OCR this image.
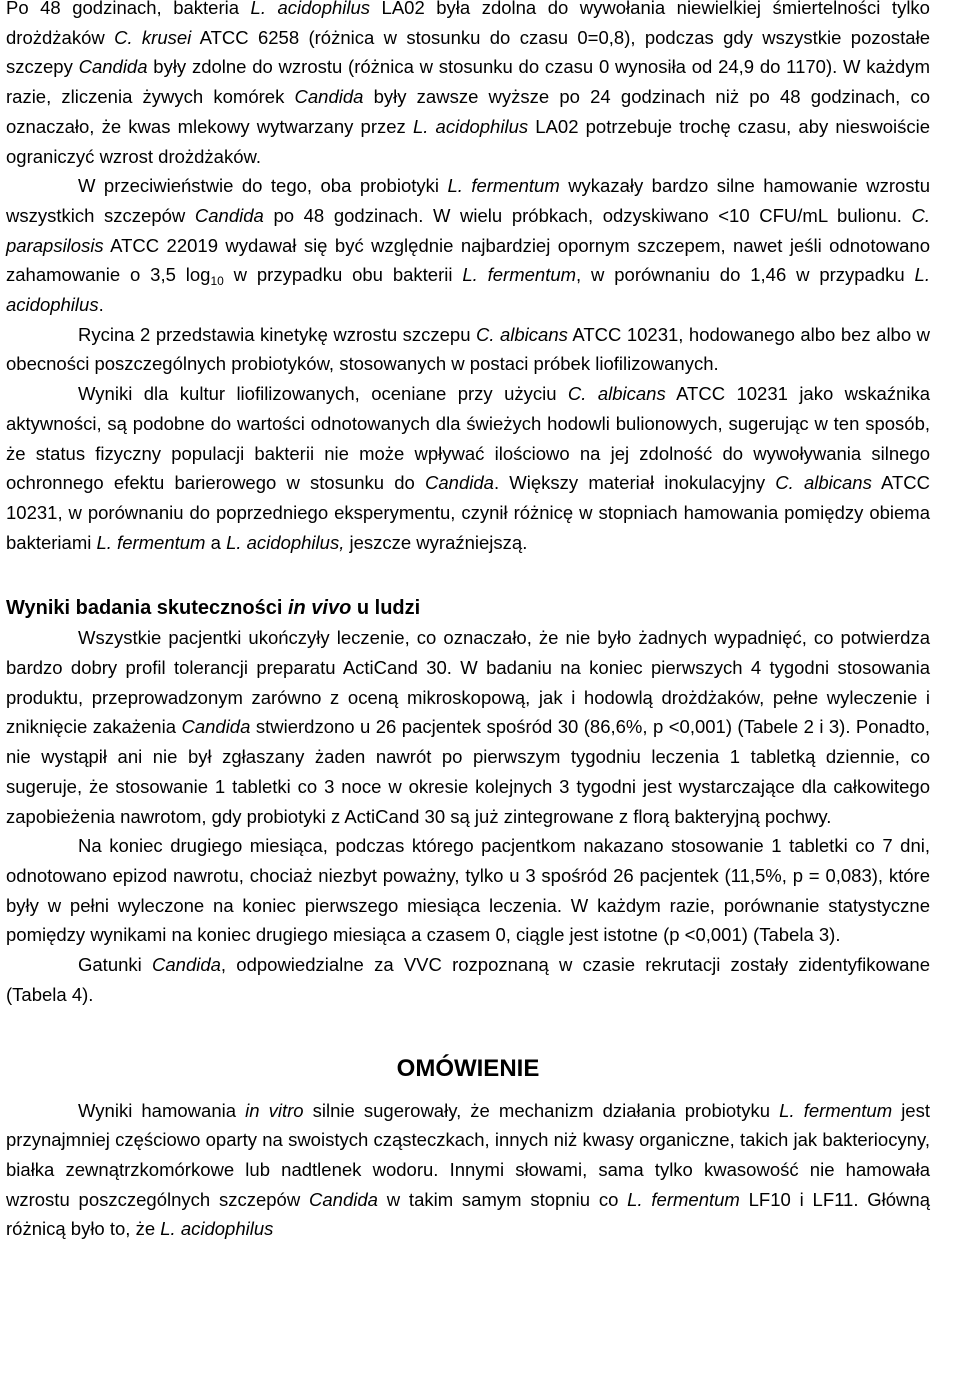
Po 48 godzinach, bakteria L. acidophilus LA02 była zdolna do wywołania niewielkiej śmiertelności tylko drożdżaków C. krusei ATCC 6258 (różnica w stosunku do czasu 0=0,8), podczas gdy wszystkie pozostałe szczepy Candida były zdolne do wzrostu (różnica w stosunku do czasu 0 wynosiła od 24,9 do 1170). W każdym razie, zliczenia żywych komórek Candida były zawsze wyższe po 24 godzinach niż po 48 godzinach, co oznaczało, że kwas mlekowy wytwarzany przez L. acidophilus LA02 potrzebuje trochę czasu, aby nieswoiście ograniczyć wzrost drożdżaków.

W przeciwieństwie do tego, oba probiotyki L. fermentum wykazały bardzo silne hamowanie wzrostu wszystkich szczepów Candida po 48 godzinach. W wielu próbkach, odzyskiwano <10 CFU/mL bulionu. C. parapsilosis ATCC 22019 wydawał się być względnie najbardziej opornym szczepem, nawet jeśli odnotowano zahamowanie o 3,5 $\log_{10} w$ przypadku obu bakterii L. fermentum, w porównaniu do 1,46 w przypadku L. acidophilus.

Rycina 2 przedstawia kinetykę wzrostu szczepu C. albicans ATCC 10231, hodowanego albo bez albo w obecności poszczególnych probiotyków, stosowanych w postaci próbek liofilizowanych.

Wyniki dla kultur liofilizowanych, oceniane przy użyciu C. albicans ATCC 10231 jako wskaźnika aktywności, są podobne do wartości odnotowanych dla świeżych hodowli bulionowych, sugerując w ten sposób, że status fizyczny populacji bakterii nie może wpływać ilościowo na jej zdolność do wywoływania silnego ochronnego efektu barierowego w stosunku do Candida. Większy materiał inokulacyjny C. albicans ATCC 10231, w porównaniu do poprzedniego eksperymentu, czynił różnicę w stopniach hamowania pomiędzy obiema bakteriami L. fermentum a L. acidophilus, jeszcze wyraźniejszą.

Wyniki badania skuteczności in vivo u ludzi

Wszystkie pacjentki ukończyły leczenie, co oznaczało, że nie było żadnych wypadnięć, co potwierdza bardzo dobry profil tolerancji preparatu ActiCand 30. W badaniu na koniec pierwszych 4 tygodni stosowania produktu, przeprowadzonym zarówno z oceną mikroskopową, jak i hodowlą drożdżaków, pełne wyleczenie i zniknięcie zakażenia Candida stwierdzono u 26 pacjentek spośród 30 (86,6%, p <0,001) (Tabele 2 i 3). Ponadto, nie wystąpił ani nie był zgłaszany żaden nawrót po pierwszym tygodniu leczenia 1 tabletką dziennie, co sugeruje, że stosowanie 1 tabletki co 3 noce w okresie kolejnych 3 tygodni jest wystarczające dla całkowitego zapobieżenia nawrotom, gdy probiotyki z ActiCand 30 są już zintegrowane z florą bakteryjną pochwy.

Na koniec drugiego miesiąca, podczas którego pacjentkom nakazano stosowanie 1 tabletki co 7 dni, odnotowano epizod nawrotu, chociaż niezbyt poważny, tylko u 3 spośród 26 pacjentek (11,5%, p = 0,083), które były w pełni wyleczone na koniec pierwszego miesiąca leczenia. W każdym razie, porównanie statystyczne pomiędzy wynikami na koniec drugiego miesiąca a czasem 0, ciągle jest istotne (p <0,001) (Tabela 3).

Gatunki Candida, odpowiedzialne za VVC rozpoznaną w czasie rekrutacji zostały zidentyfikowane (Tabela 4).

OMÓWIENIE

Wyniki hamowania in vitro silnie sugerowały, że mechanizm działania probiotyku L. fermentum jest przynajmniej częściowo oparty na swoistych cząsteczkach, innych niż kwasy organiczne, takich jak bakteriocyny, białka zewnątrzkomórkowe lub nadtlenek wodoru. Innymi słowami, sama tylko kwasowość nie hamowała wzrostu poszczególnych szczepów Candida w takim samym stopniu co L. fermentum LF10 i LF11. Główną różnicą było to, że L. acidophilus
